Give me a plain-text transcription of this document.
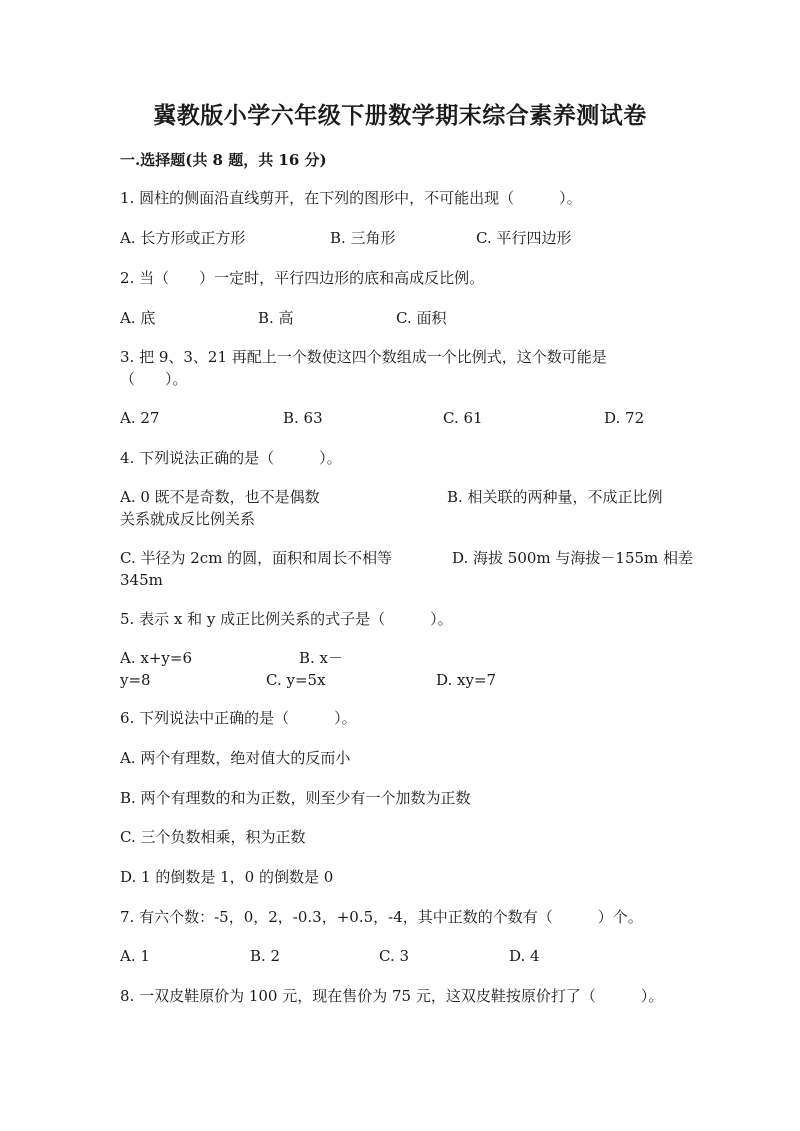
冀教版小学六年级下册数学期末综合素养测试卷
一.选择题(共 8 题，共 16 分)
1. 圆柱的侧面沿直线剪开，在下列的图形中，不可能出现（　　　）。
A. 长方形或正方形	B. 三角形	C. 平行四边形
2. 当（　　）一定时，平行四边形的底和高成反比例。
A. 底	B. 高	C. 面积
3. 把 9、3、21 再配上一个数使这四个数组成一个比例式，这个数可能是
（　　）。
A. 27	B. 63	C. 61	D. 72
4. 下列说法正确的是（　　　）。
A. 0 既不是奇数，也不是偶数	B. 相关联的两种量，不成正比例
关系就成反比例关系
C. 半径为 2cm 的圆，面积和周长不相等	D. 海拔 500m 与海拔－155m 相差
345m
5. 表示 x 和 y 成正比例关系的式子是（　　　）。
A. x+y=6	B. x－
y=8	C. y=5x	D. xy=7
6. 下列说法中正确的是（　　　）。
A. 两个有理数，绝对值大的反而小
B. 两个有理数的和为正数，则至少有一个加数为正数
C. 三个负数相乘，积为正数
D. 1 的倒数是 1，0 的倒数是 0
7. 有六个数：-5，0，2，-0.3，+0.5，-4，其中正数的个数有（　　　）个。
A. 1	B. 2	C. 3	D. 4
8. 一双皮鞋原价为 100 元，现在售价为 75 元，这双皮鞋按原价打了（　　　）。
